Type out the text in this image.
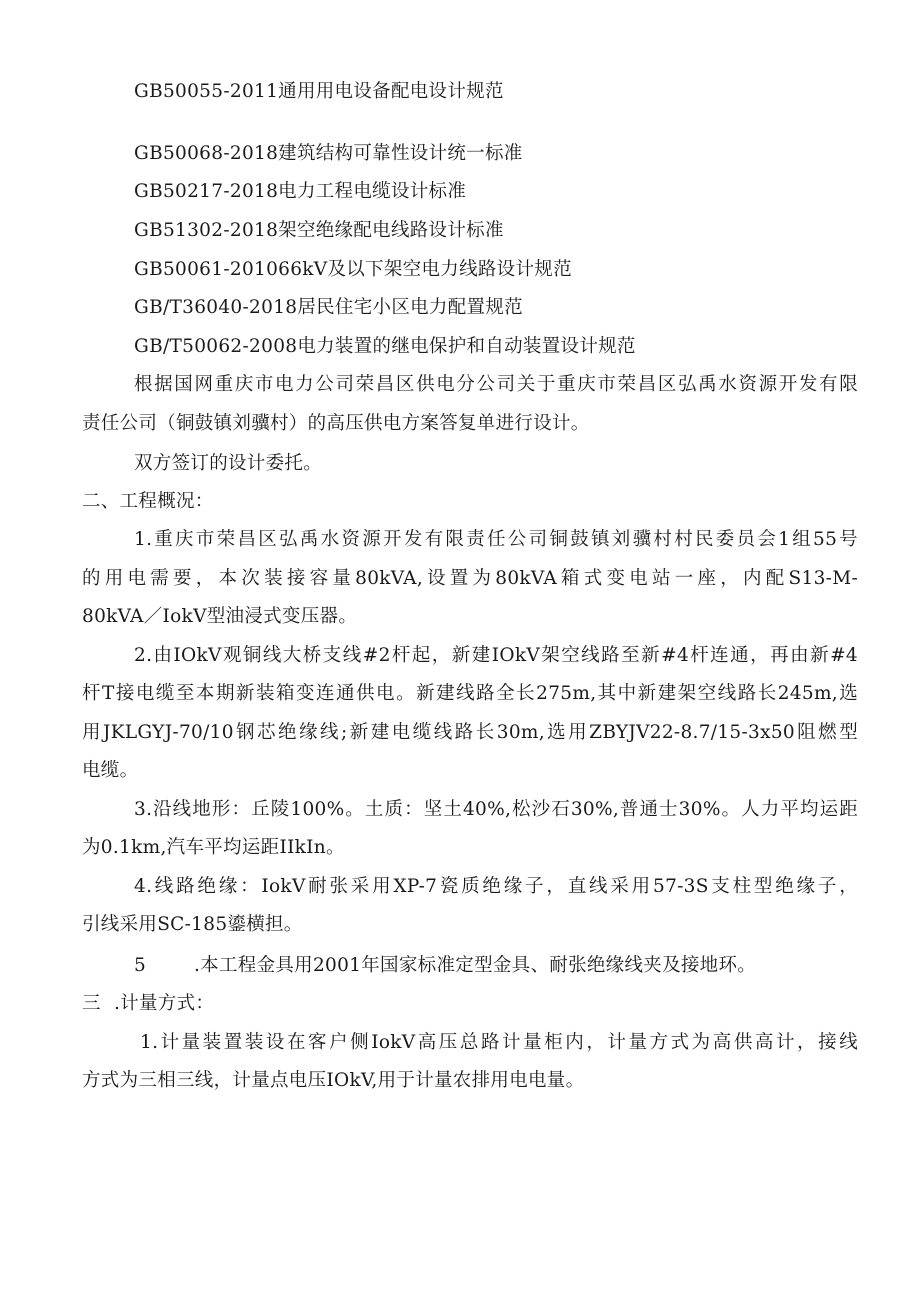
GB50055-2011通用用电设备配电设计规范
GB50068-2018建筑结构可靠性设计统一标准
GB50217-2018电力工程电缆设计标准
GB51302-2018架空绝缘配电线路设计标准
GB50061-201066kV及以下架空电力线路设计规范
GB/T36040-2018居民住宅小区电力配置规范
GB/T50062-2008电力装置的继电保护和自动装置设计规范
根据国网重庆市电力公司荣昌区供电分公司关于重庆市荣昌区弘禹水资源开发有限
责任公司（铜鼓镇刘骥村）的高压供电方案答复单进行设计。
双方签订的设计委托。
二、工程概况：
1.重庆市荣昌区弘禹水资源开发有限责任公司铜鼓镇刘骥村村民委员会1组55号
的用电需要，本次装接容量80kVA,设置为80kVA箱式变电站一座，内配S13-M-
80kVA／IokV型油浸式变压器。
2.由IOkV观铜线大桥支线#2杆起，新建IOkV架空线路至新#4杆连通，再由新#4
杆T接电缆至本期新装箱变连通供电。新建线路全长275m,其中新建架空线路长245m,选
用JKLGYJ-70/10钢芯绝缘线;新建电缆线路长30m,选用ZBYJV22-8.7/15-3x50阻燃型
电缆。
3.沿线地形：丘陵100%。土质：坚土40%,松沙石30%,普通士30%。人力平均运距
为0.1km,汽车平均运距IIkIn。
4.线路绝缘：IokV耐张采用XP-7瓷质绝缘子，直线采用57-3S支柱型绝缘子，
引线采用SC-185鎏横担。
5	.本工程金具用2001年国家标准定型金具、耐张绝缘线夹及接地环。
三 .计量方式：
1.计量装置装设在客户侧IokV高压总路计量柜内，计量方式为高供高计，接线
方式为三相三线，计量点电压IOkV,用于计量农排用电电量。
